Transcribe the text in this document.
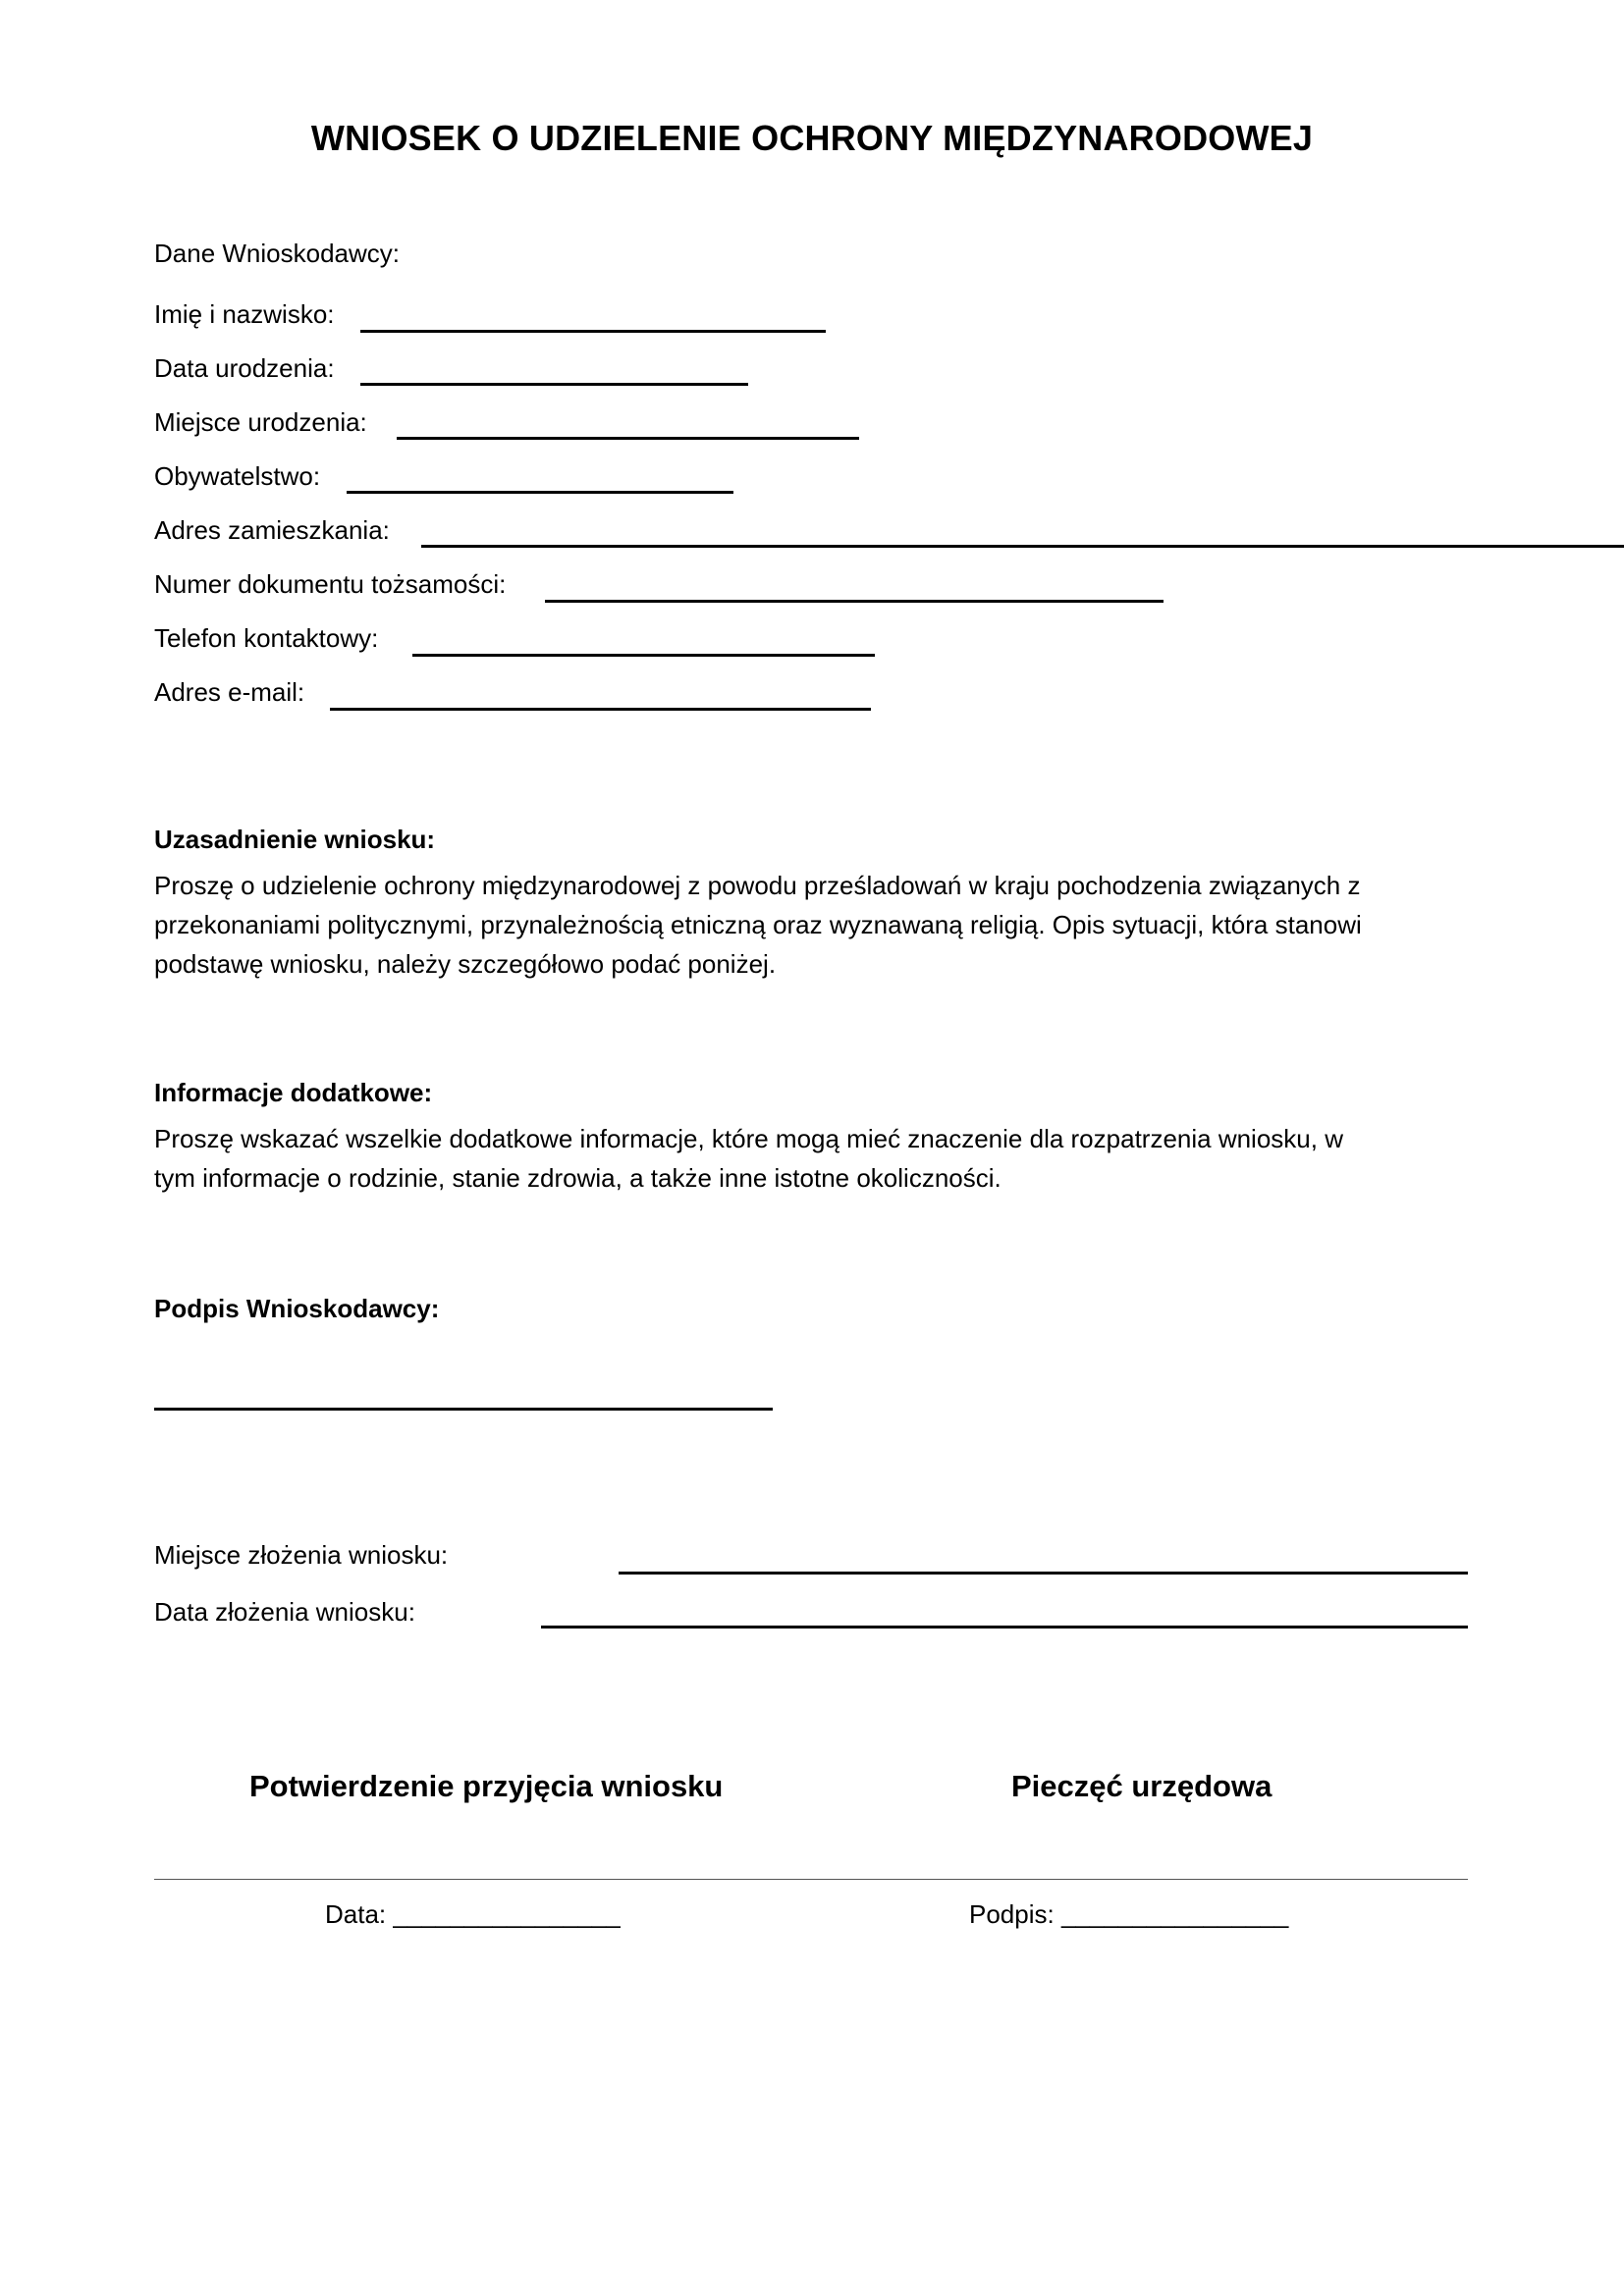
WNIOSEK O UDZIELENIE OCHRONY MIĘDZYNARODOWEJ
Dane Wnioskodawcy:
Imię i nazwisko:
Data urodzenia:
Miejsce urodzenia:
Obywatelstwo:
Adres zamieszkania:
Numer dokumentu tożsamości:
Telefon kontaktowy:
Adres e-mail:
Uzasadnienie wniosku:
Proszę o udzielenie ochrony międzynarodowej z powodu prześladowań w kraju pochodzenia związanych z
przekonaniami politycznymi, przynależnością etniczną oraz wyznawaną religią. Opis sytuacji, która stanowi
podstawę wniosku, należy szczegółowo podać poniżej.
Informacje dodatkowe:
Proszę wskazać wszelkie dodatkowe informacje, które mogą mieć znaczenie dla rozpatrzenia wniosku, w
tym informacje o rodzinie, stanie zdrowia, a także inne istotne okoliczności.
Podpis Wnioskodawcy:
Miejsce złożenia wniosku:
Data złożenia wniosku:
Potwierdzenie przyjęcia wniosku	Pieczęć urzędowa
Data: ________________	Podpis: ________________
